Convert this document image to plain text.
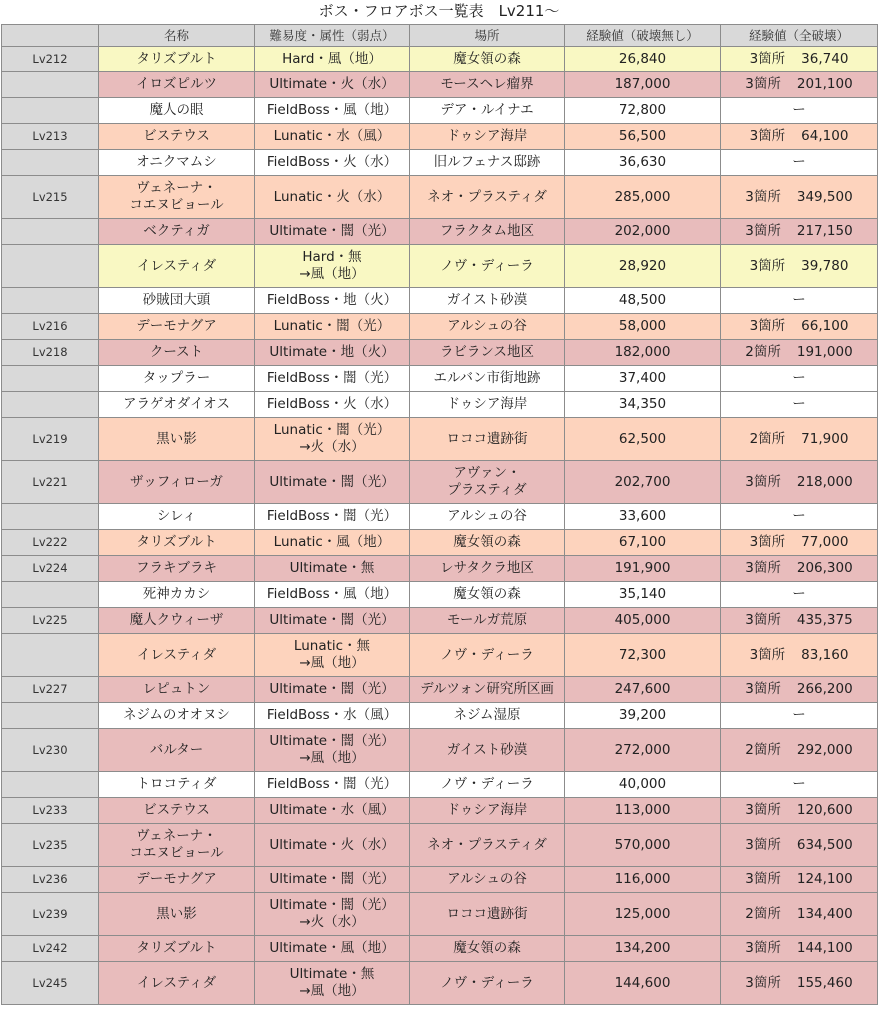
ボス・フロアボス一覧表　Lv211〜
	名称	難易度・属性（弱点）	場所	経験値（破壊無し）	経験値（全破壊）
Lv212	タリズブルト	Hard・風（地）	魔女領の森	26,840	3箇所 36,740
	イロズピルツ	Ultimate・火（水）	モースヘレ瘤界	187,000	3箇所 201,100
	魔人の眼	FieldBoss・風（地）	デア・ルイナエ	72,800	ー
Lv213	ビステウス	Lunatic・水（風）	ドゥシア海岸	56,500	3箇所 64,100
	オニクマムシ	FieldBoss・火（水）	旧ルフェナス邸跡	36,630	ー
Lv215	ヴェネーナ・
コエヌビョール	Lunatic・火（水）	ネオ・プラスティダ	285,000	3箇所 349,500
	ベクティガ	Ultimate・闇（光）	フラクタム地区	202,000	3箇所 217,150
	イレスティダ	Hard・無
→風（地）	ノヴ・ディーラ	28,920	3箇所 39,780
	砂賊団大頭	FieldBoss・地（火）	ガイスト砂漠	48,500	ー
Lv216	デーモナグア	Lunatic・闇（光）	アルシュの谷	58,000	3箇所 66,100
Lv218	クースト	Ultimate・地（火）	ラビランス地区	182,000	2箇所 191,000
	タップラー	FieldBoss・闇（光）	エルバン市街地跡	37,400	ー
	アラゲオダイオス	FieldBoss・火（水）	ドゥシア海岸	34,350	ー
Lv219	黒い影	Lunatic・闇（光）
→火（水）	ロココ遺跡街	62,500	2箇所 71,900
Lv221	ザッフィローガ	Ultimate・闇（光）	アヴァン・
プラスティダ	202,700	3箇所 218,000
	シレィ	FieldBoss・闇（光）	アルシュの谷	33,600	ー
Lv222	タリズブルト	Lunatic・風（地）	魔女領の森	67,100	3箇所 77,000
Lv224	フラキブラキ	Ultimate・無	レサタクラ地区	191,900	3箇所 206,300
	死神カカシ	FieldBoss・風（地）	魔女領の森	35,140	ー
Lv225	魔人クウィーザ	Ultimate・闇（光）	モールガ荒原	405,000	3箇所 435,375
	イレスティダ	Lunatic・無
→風（地）	ノヴ・ディーラ	72,300	3箇所 83,160
Lv227	レピュトン	Ultimate・闇（光）	デルツォン研究所区画	247,600	3箇所 266,200
	ネジムのオオヌシ	FieldBoss・水（風）	ネジム湿原	39,200	ー
Lv230	バルター	Ultimate・闇（光）
→風（地）	ガイスト砂漠	272,000	2箇所 292,000
	トロコティダ	FieldBoss・闇（光）	ノヴ・ディーラ	40,000	ー
Lv233	ビステウス	Ultimate・水（風）	ドゥシア海岸	113,000	3箇所 120,600
Lv235	ヴェネーナ・
コエヌビョール	Ultimate・火（水）	ネオ・プラスティダ	570,000	3箇所 634,500
Lv236	デーモナグア	Ultimate・闇（光）	アルシュの谷	116,000	3箇所 124,100
Lv239	黒い影	Ultimate・闇（光）
→火（水）	ロココ遺跡街	125,000	2箇所 134,400
Lv242	タリズブルト	Ultimate・風（地）	魔女領の森	134,200	3箇所 144,100
Lv245	イレスティダ	Ultimate・無
→風（地）	ノヴ・ディーラ	144,600	3箇所 155,460
